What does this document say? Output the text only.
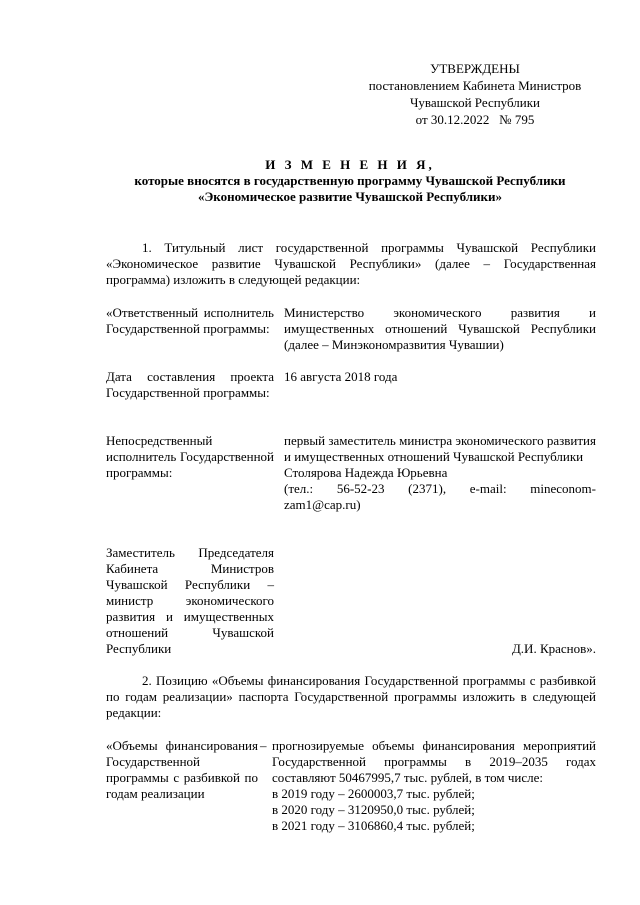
УТВЕРЖДЕНЫ
постановлением Кабинета Министров
Чувашской Республики
от 30.12.2022   № 795
И З М Е Н Е Н И Я,
которые вносятся в государственную программу Чувашской Республики
«Экономическое развитие Чувашской Республики»
1. Титульный лист государственной программы Чувашской Республики «Экономическое развитие Чувашской Республики» (далее – Государственная программа) изложить в следующей редакции:
«Ответственный исполнитель Государственной программы:
Министерство экономического развития и имущественных отношений Чувашской Республики (далее – Минэкономразвития Чувашии)
Дата составления проекта Государственной программы:
16 августа 2018 года
Непосредственный исполнитель Государственной программы:
первый заместитель министра экономического развития и имущественных отношений Чувашской Республики
Столярова Надежда Юрьевна
(тел.: 56-52-23 (2371), e-mail: mineconom-zam1@cap.ru)
Заместитель Председателя Кабинета Министров Чувашской Республики – министр экономического развития и имущественных отношений Чувашской Республики	Д.И. Краснов».
2. Позицию «Объемы финансирования Государственной программы с разбивкой по годам реализации» паспорта Государственной программы изложить в следующей редакции:
«Объемы финансирования Государственной программы с разбивкой по годам реализации
– прогнозируемые объемы финансирования мероприятий Государственной программы в 2019–2035 годах составляют 50467995,7 тыс. рублей, в том числе:
в 2019 году – 2600003,7 тыс. рублей;
в 2020 году – 3120950,0 тыс. рублей;
в 2021 году – 3106860,4 тыс. рублей;
